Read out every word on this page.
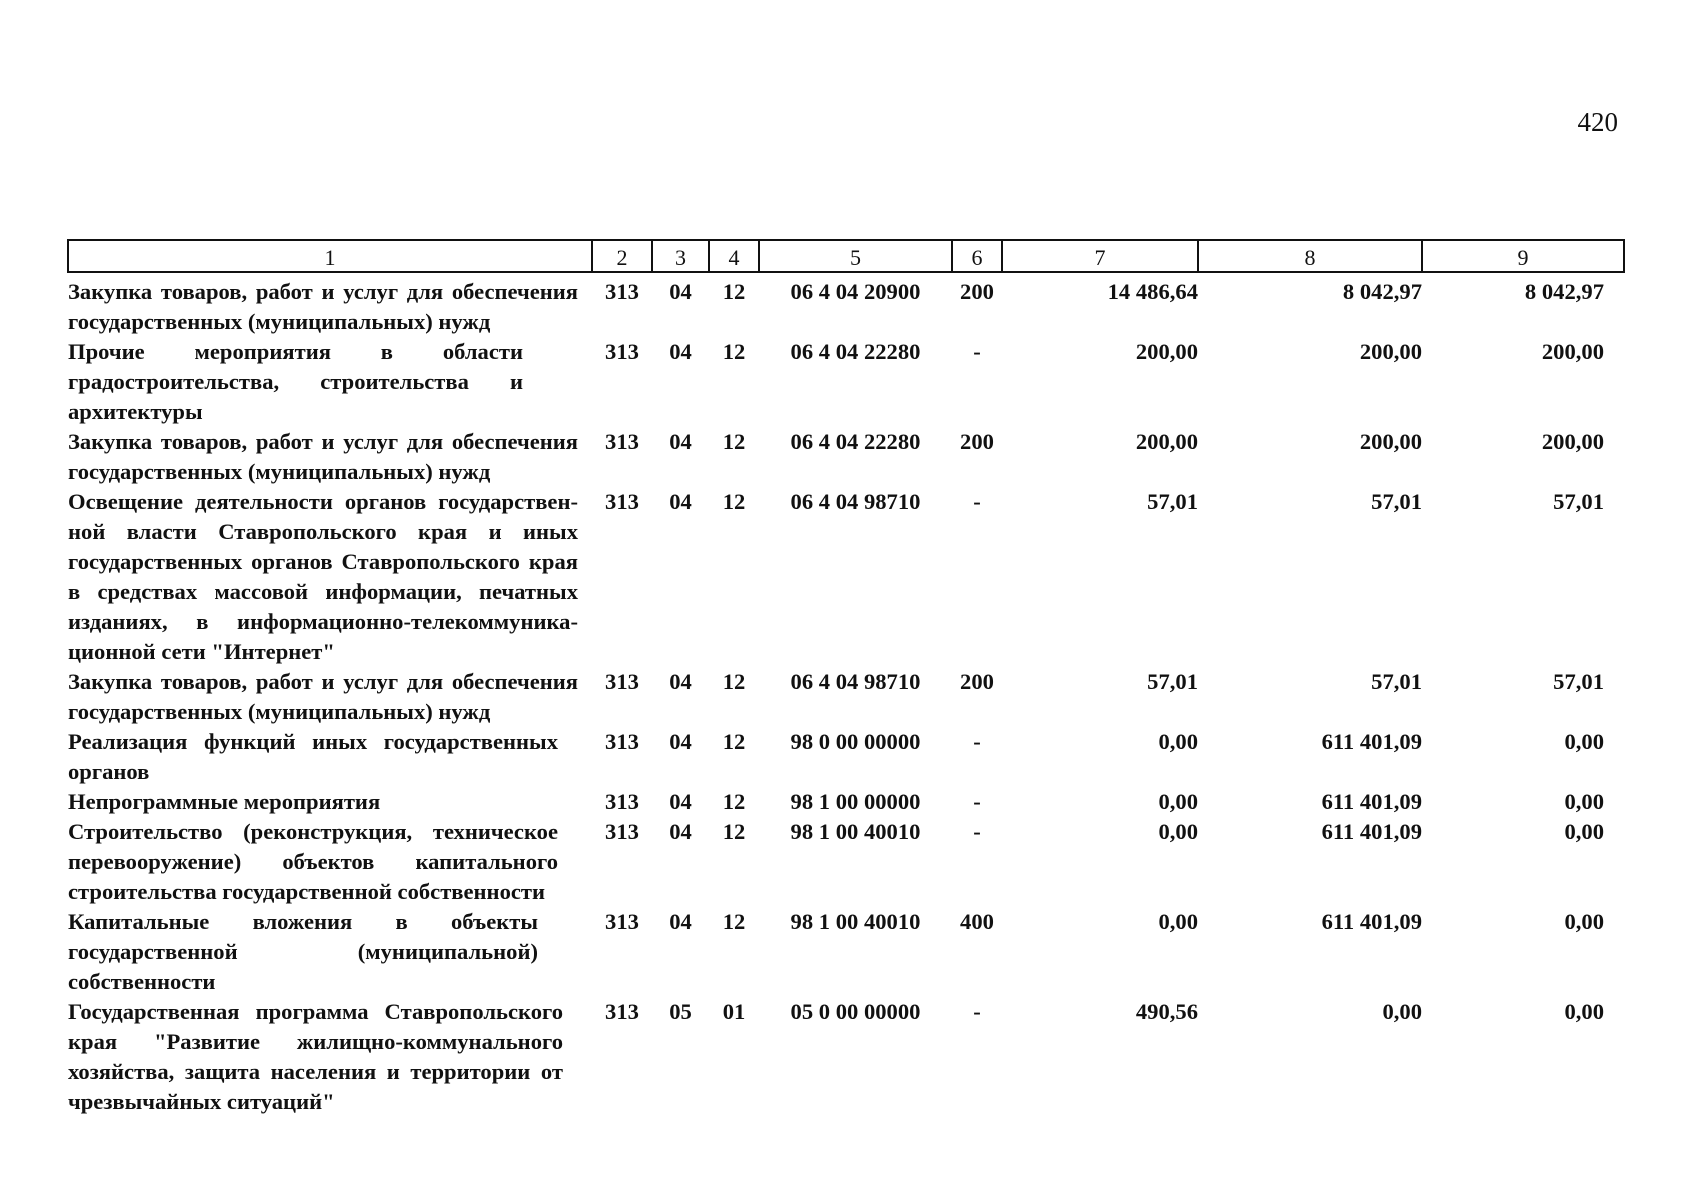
420
1	2	3	4	5	6	7	8	9

Закупка товаров, работ и услуг для обеспечения государственных (муниципальных) нужд	313	04	12	06 4 04 20900	200	14 486,64	8 042,97	8 042,97

Прочие мероприятия в области градостроительства, строительства и архитектуры	313	04	12	06 4 04 22280	-	200,00	200,00	200,00

Закупка товаров, работ и услуг для обеспечения государственных (муниципальных) нужд	313	04	12	06 4 04 22280	200	200,00	200,00	200,00

Освещение деятельности органов государствен-ной власти Ставропольского края и иных государственных органов Ставропольского края в средствах массовой информации, печатных изданиях, в информационно-телекоммуника-ционной сети "Интернет"	313	04	12	06 4 04 98710	-	57,01	57,01	57,01

Закупка товаров, работ и услуг для обеспечения государственных (муниципальных) нужд	313	04	12	06 4 04 98710	200	57,01	57,01	57,01

Реализация функций иных государственных органов	313	04	12	98 0 00 00000	-	0,00	611 401,09	0,00

Непрограммные мероприятия	313	04	12	98 1 00 00000	-	0,00	611 401,09	0,00

Строительство (реконструкция, техническое перевооружение) объектов капитального строительства государственной собственности	313	04	12	98 1 00 40010	-	0,00	611 401,09	0,00

Капитальные вложения в объекты государственной (муниципальной) собственности	313	04	12	98 1 00 40010	400	0,00	611 401,09	0,00

Государственная программа Ставропольского края "Развитие жилищно-коммунального хозяйства, защита населения и территории от чрезвычайных ситуаций"	313	05	01	05 0 00 00000	-	490,56	0,00	0,00
